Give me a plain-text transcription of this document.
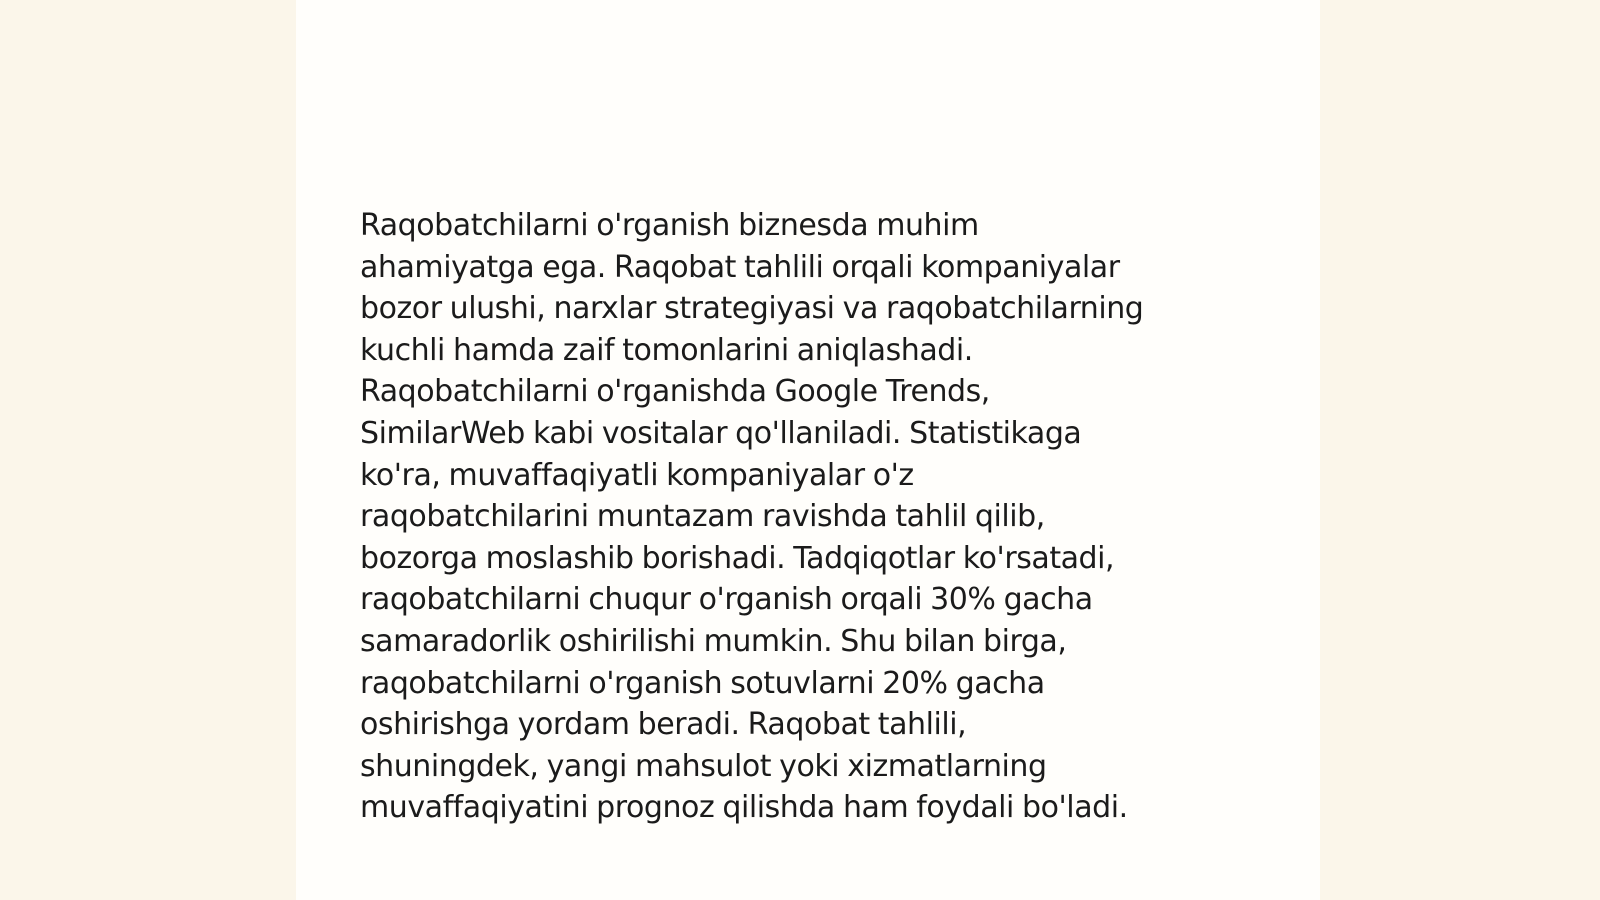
Raqobatchilarni o'rganish biznesda muhim
ahamiyatga ega. Raqobat tahlili orqali kompaniyalar
bozor ulushi, narxlar strategiyasi va raqobatchilarning
kuchli hamda zaif tomonlarini aniqlashadi.
Raqobatchilarni o'rganishda Google Trends,
SimilarWeb kabi vositalar qo'llaniladi. Statistikaga
ko'ra, muvaffaqiyatli kompaniyalar o'z
raqobatchilarini muntazam ravishda tahlil qilib,
bozorga moslashib borishadi. Tadqiqotlar ko'rsatadi,
raqobatchilarni chuqur o'rganish orqali 30% gacha
samaradorlik oshirilishi mumkin. Shu bilan birga,
raqobatchilarni o'rganish sotuvlarni 20% gacha
oshirishga yordam beradi. Raqobat tahlili,
shuningdek, yangi mahsulot yoki xizmatlarning
muvaffaqiyatini prognoz qilishda ham foydali bo'ladi.
